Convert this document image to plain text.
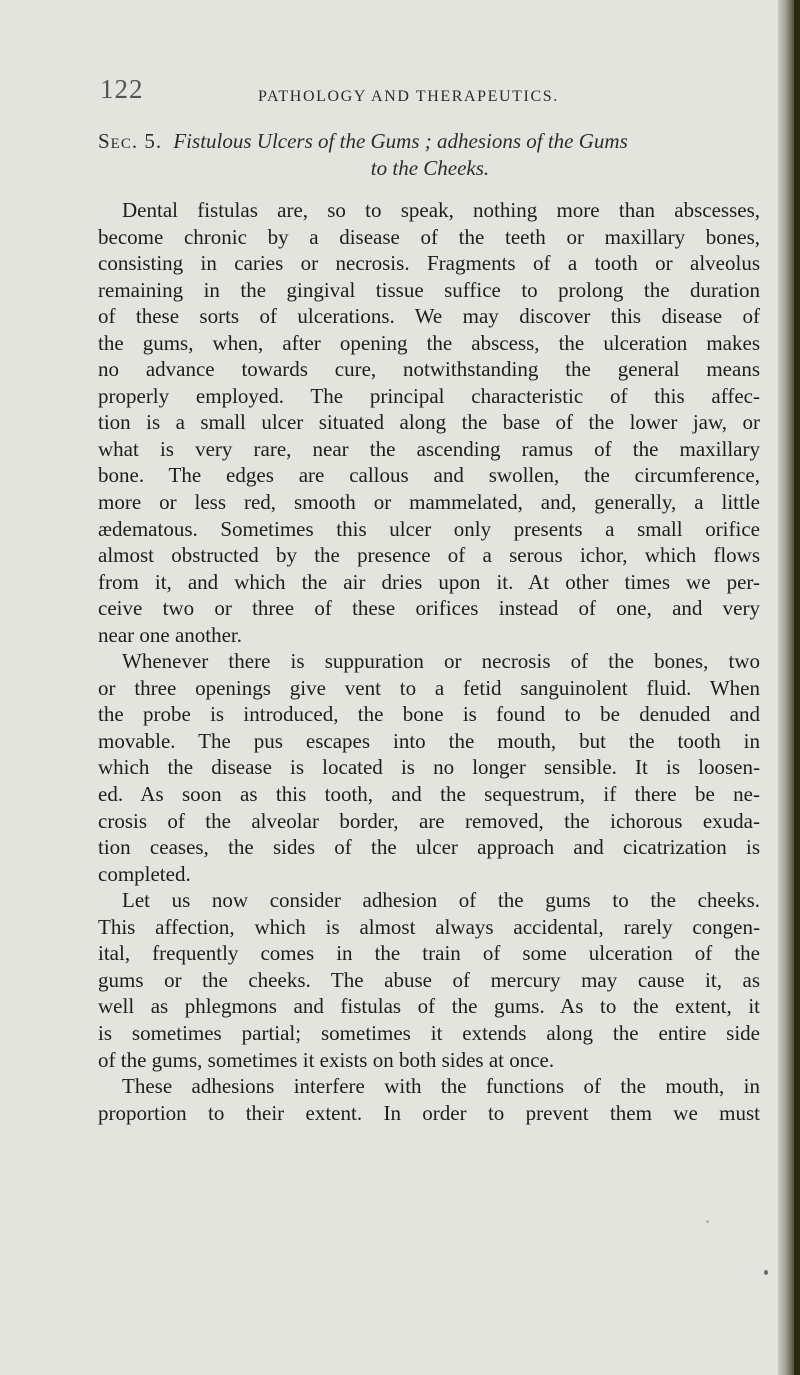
122	PATHOLOGY AND THERAPEUTICS.
Sec. 5. Fistulous Ulcers of the Gums ; adhesions of the Gums
to the Cheeks.
Dental fistulas are, so to speak, nothing more than abscesses,
become chronic by a disease of the teeth or maxillary bones,
consisting in caries or necrosis. Fragments of a tooth or alveolus
remaining in the gingival tissue suffice to prolong the duration
of these sorts of ulcerations. We may discover this disease of
the gums, when, after opening the abscess, the ulceration makes
no advance towards cure, notwithstanding the general means
properly employed. The principal characteristic of this affec-
tion is a small ulcer situated along the base of the lower jaw, or
what is very rare, near the ascending ramus of the maxillary
bone. The edges are callous and swollen, the circumference,
more or less red, smooth or mammelated, and, generally, a little
ædematous. Sometimes this ulcer only presents a small orifice
almost obstructed by the presence of a serous ichor, which flows
from it, and which the air dries upon it. At other times we per-
ceive two or three of these orifices instead of one, and very
near one another.
Whenever there is suppuration or necrosis of the bones, two
or three openings give vent to a fetid sanguinolent fluid. When
the probe is introduced, the bone is found to be denuded and
movable. The pus escapes into the mouth, but the tooth in
which the disease is located is no longer sensible. It is loosen-
ed. As soon as this tooth, and the sequestrum, if there be ne-
crosis of the alveolar border, are removed, the ichorous exuda-
tion ceases, the sides of the ulcer approach and cicatrization is
completed.
Let us now consider adhesion of the gums to the cheeks.
This affection, which is almost always accidental, rarely congen-
ital, frequently comes in the train of some ulceration of the
gums or the cheeks. The abuse of mercury may cause it, as
well as phlegmons and fistulas of the gums. As to the extent, it
is sometimes partial; sometimes it extends along the entire side
of the gums, sometimes it exists on both sides at once.
These adhesions interfere with the functions of the mouth, in
proportion to their extent. In order to prevent them we must
